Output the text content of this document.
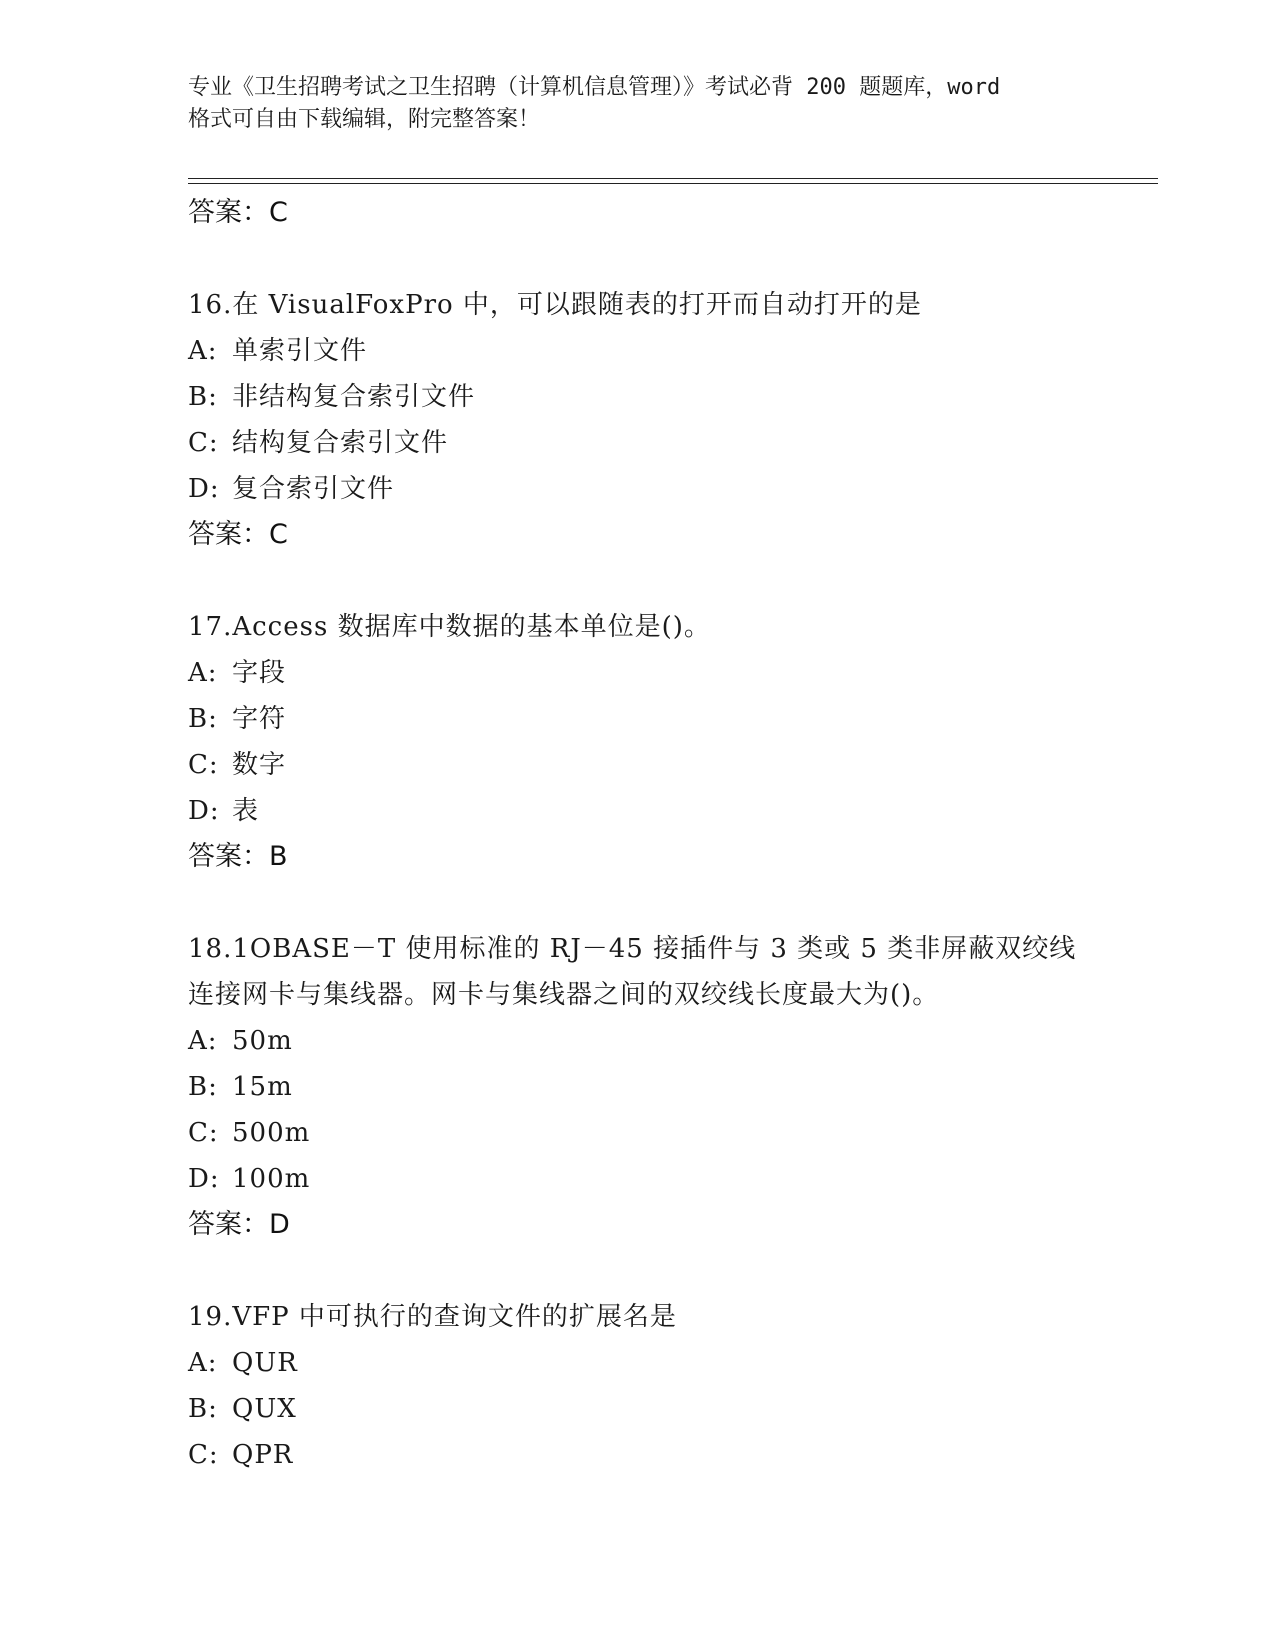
专业《卫生招聘考试之卫生招聘（计算机信息管理）》考试必背 200 题题库，word
格式可自由下载编辑，附完整答案！
答案：C
16.在 VisualFoxPro 中，可以跟随表的打开而自动打开的是
A: 单索引文件
B: 非结构复合索引文件
C: 结构复合索引文件
D: 复合索引文件
答案：C
17.Access 数据库中数据的基本单位是()。
A: 字段
B: 字符
C: 数字
D: 表
答案：B
18.1OBASE－T 使用标准的 RJ－45 接插件与 3 类或 5 类非屏蔽双绞线连接网卡与集线器。网卡与集线器之间的双绞线长度最大为()。
A: 50m
B: 15m
C: 500m
D: 100m
答案：D
19.VFP 中可执行的查询文件的扩展名是
A: QUR
B: QUX
C: QPR
